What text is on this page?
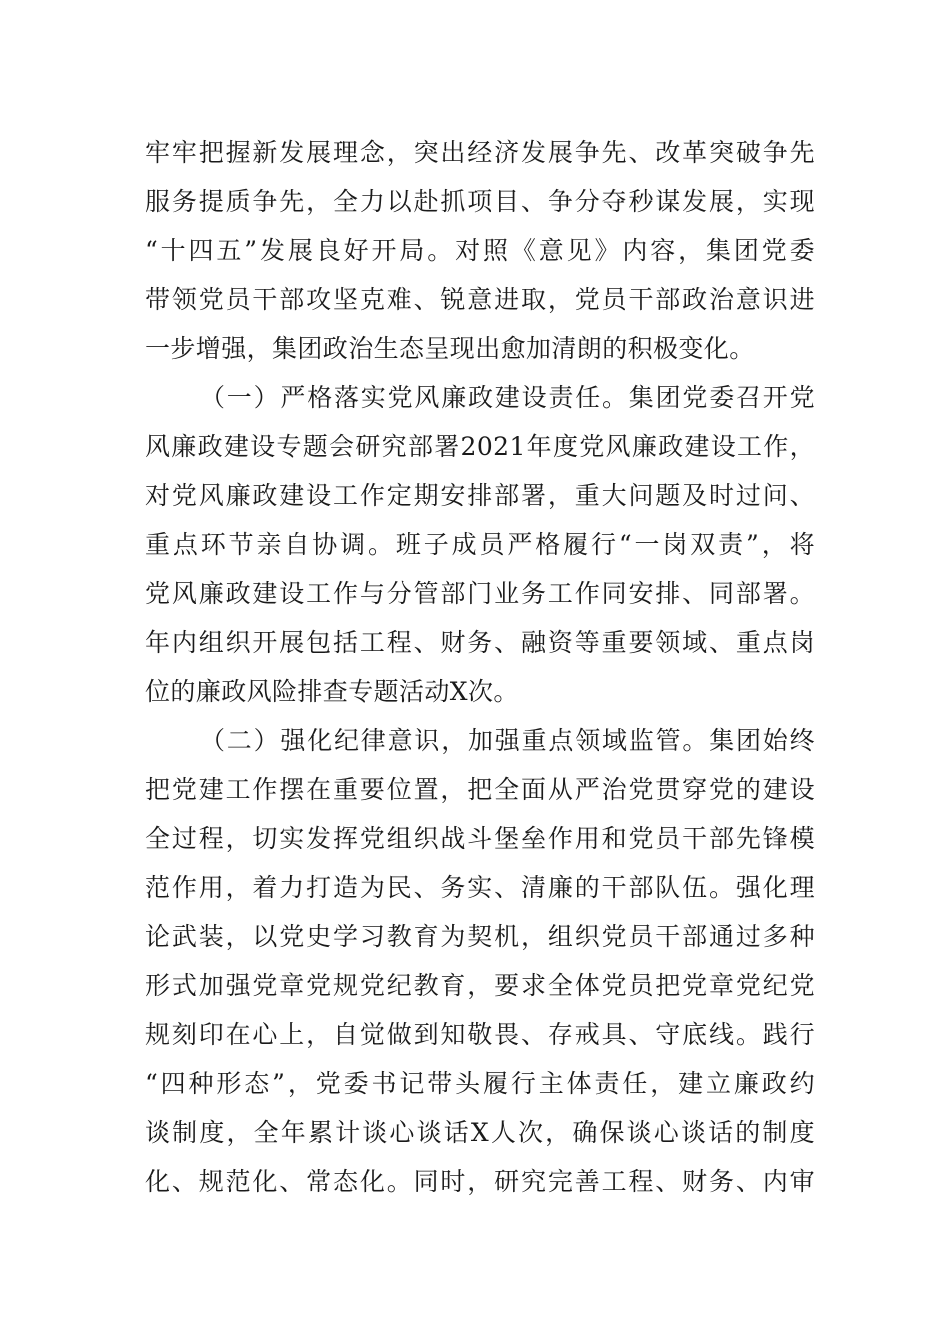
牢牢把握新发展理念，突出经济发展争先、改革突破争先
服务提质争先，全力以赴抓项目、争分夺秒谋发展，实现
“十四五”发展良好开局。对照《意见》内容，集团党委
带领党员干部攻坚克难、锐意进取，党员干部政治意识进
一步增强，集团政治生态呈现出愈加清朗的积极变化。
（一）严格落实党风廉政建设责任。集团党委召开党
风廉政建设专题会研究部署2021年度党风廉政建设工作，
对党风廉政建设工作定期安排部署，重大问题及时过问、
重点环节亲自协调。班子成员严格履行“一岗双责”，将
党风廉政建设工作与分管部门业务工作同安排、同部署。
年内组织开展包括工程、财务、融资等重要领域、重点岗
位的廉政风险排查专题活动X次。
（二）强化纪律意识，加强重点领域监管。集团始终
把党建工作摆在重要位置，把全面从严治党贯穿党的建设
全过程，切实发挥党组织战斗堡垒作用和党员干部先锋模
范作用，着力打造为民、务实、清廉的干部队伍。强化理
论武装，以党史学习教育为契机，组织党员干部通过多种
形式加强党章党规党纪教育，要求全体党员把党章党纪党
规刻印在心上，自觉做到知敬畏、存戒具、守底线。践行
“四种形态”，党委书记带头履行主体责任，建立廉政约
谈制度，全年累计谈心谈话X人次，确保谈心谈话的制度
化、规范化、常态化。同时，研究完善工程、财务、内审
